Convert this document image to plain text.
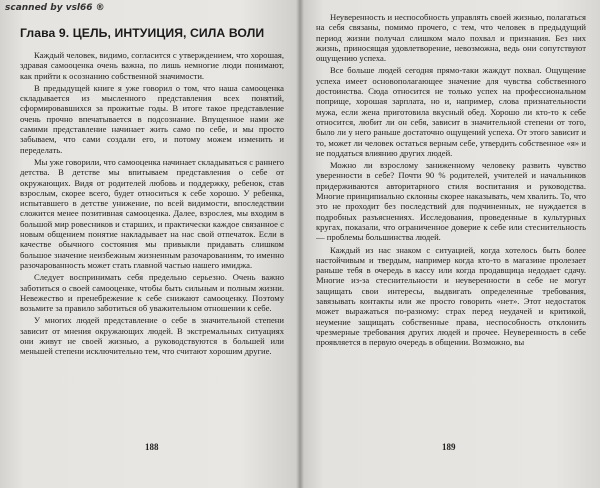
Глава 9. ЦЕЛЬ, ИНТУИЦИЯ, СИЛА ВОЛИ

Каждый человек, видимо, согласится с утверждением, что хорошая, здравая самооценка очень важна, по лишь немногие люди понимают, как прийти к осознанию собственной значимости.

В предыдущей книге я уже говорил о том, что наша самооценка складывается из мысленного представления всех понятий, сформировавшихся за прожитые годы. В итоге такое представление очень прочно впечатывается в подсознание. Впущенное нами же самими представление начинает жить само по себе, и мы просто забываем, что сами создали его, и потому можем изменить и переделать.

Мы уже говорили, что самооценка начинает складываться с раннего детства. В детстве мы впитываем представления о себе от окружающих. Видя от родителей любовь и поддержку, ребенок, став взрослым, скорее всего, будет относиться к себе хорошо. У ребенка, испытавшего в детстве унижение, по всей видимости, впоследствии сложится менее позитивная самооценка. Далее, взрослея, мы входим в большой мир ровесников и старших, и практически каждое связанное с новым общением понятие накладывает на нас свой отпечаток. Если в качестве обычного состояния мы привыкли придавать слишком большое значение неизбежным жизненным разочарованиям, то именно разочарованность может стать главной частью нашего имиджа.

Следует воспринимать себя предельно серьезно. Очень важно заботиться о своей самооценке, чтобы быть сильным и полным жизни. Невежество и пренебрежение к себе снижают самооценку. Поэтому возьмите за правило заботиться об уважительном отношении к себе.

У многих людей представление о себе в значительной степени зависит от мнения окружающих людей. В экстремальных ситуациях они живут не своей жизнью, а руководствуются в большей или меньшей степени исключительно тем, что считают хорошим другие.

188

Неуверенность и неспособность управлять своей жизнью, полагаться на себя связаны, помимо прочего, с тем, что человек в предыдущий период жизни получал слишком мало похвал и признания. Без них жизнь, приносящая удовлетворение, невозможна, ведь они сопутствуют ощущению успеха.

Все больше людей сегодня прямо-таки жаждут похвал. Ощущение успеха имеет основополагающее значение для чувства собственного достоинства. Сюда относится не только успех на профессиональном поприще, хорошая зарплата, но и, например, слова признательности мужа, если жена приготовила вкусный обед. Хорошо ли кто-то к себе относится, любит ли он себя, зависит в значительной степени от того, было ли у него раньше достаточно ощущений успеха. От этого зависит и то, может ли человек остаться верным себе, утвердить собственное «я» и не поддаться влиянию других людей.

Можно ли взрослому заниженному человеку развить чувство уверенности в себе? Почти 90 % родителей, учителей и начальников придерживаются авторитарного стиля воспитания и руководства. Многие принципиально склонны скорее наказывать, чем хвалить. То, что это не проходит без последствий для подчиненных, не нуждается в подробных разъяснениях. Исследования, проведенные в культурных кругах, показали, что ограниченное доверие к себе или стеснительность — проблемы большинства людей.

Каждый из нас знаком с ситуацией, когда хотелось быть более настойчивым и твердым, например когда кто-то в магазине пролезает раньше тебя в очередь в кассу или когда продавщица недодает сдачу. Многие из-за стеснительности и неуверенности в себе не могут защищать свои интересы, выдвигать определенные требования, завязывать контакты или же просто говорить «нет». Этот недостаток может выражаться по-разному: страх перед неудачей и критикой, неумение защищать собственные права, неспособность отклонить чрезмерные требования других людей и прочее. Неуверенность в себе проявляется в первую очередь в общении. Возможно, вы

189
scanned by vsl66 ®
